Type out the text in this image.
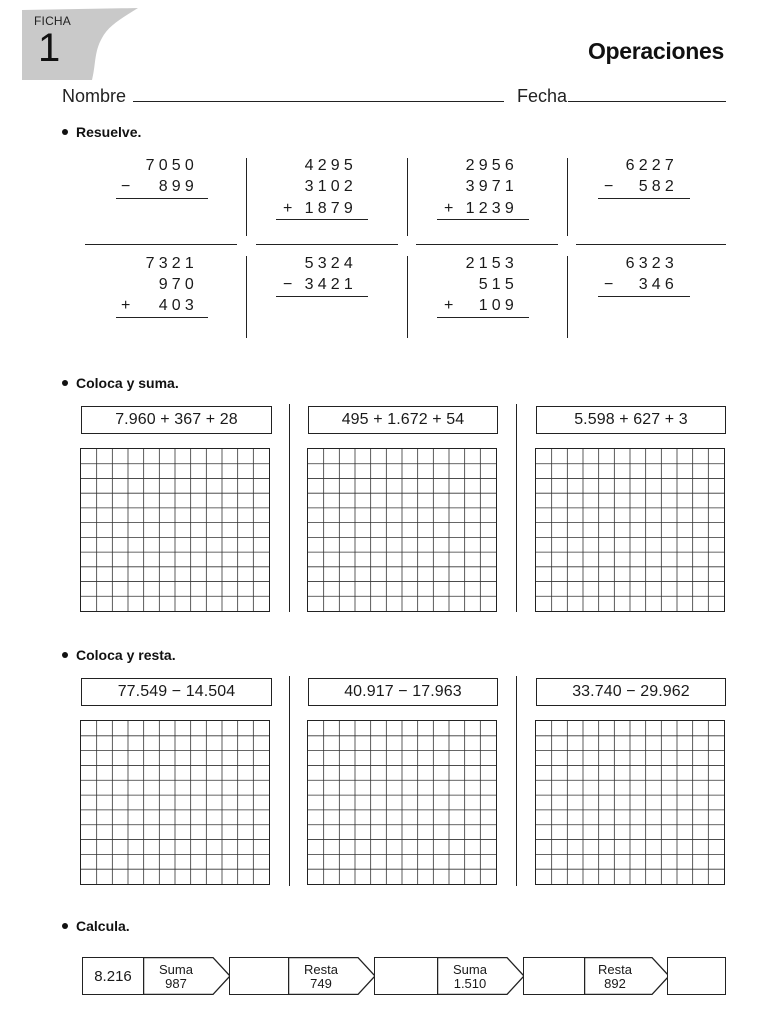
FICHA
1	Operaciones
Nombre	Fecha
Resuelve.
7050
−	899
4295
3102
+ 1879
2956
3971
+ 1239
6227
−	582
7321
970
+	403
5324
− 3421
2153
515
+	109
6323
−	346
Coloca y suma.
7.960 + 367 + 28	495 + 1.672 + 54	5.598 + 627 + 3
Coloca y resta.
77.549 − 14.504	40.917 − 17.963	33.740 − 29.962
Calcula.
8.216	Suma
987
Resta
749
Suma
1.510
Resta
892
